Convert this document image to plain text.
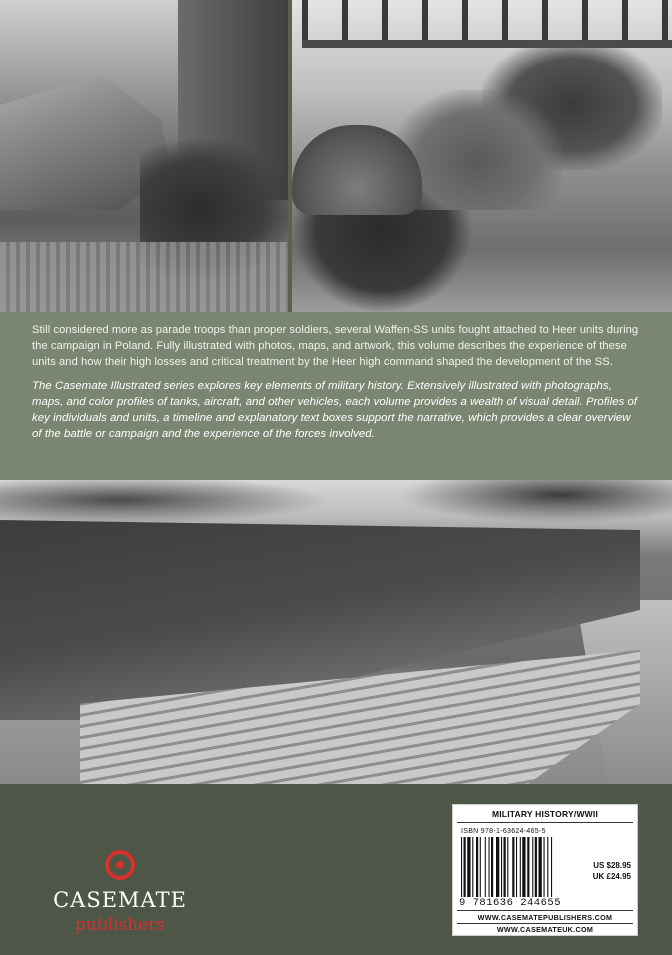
Still considered more as parade troops than proper soldiers, several Waffen-SS units fought attached to Heer units during the campaign in Poland. Fully illustrated with photos, maps, and artwork, this volume describes the experience of these units and how their high losses and critical treatment by the Heer high command shaped the development of the SS.

The Casemate Illustrated series explores key elements of military history. Extensively illustrated with photographs, maps, and color profiles of tanks, aircraft, and other vehicles, each volume provides a wealth of visual detail. Profiles of key individuals and units, a timeline and explanatory text boxes support the narrative, which provides a clear overview of the battle or campaign and the experience of the forces involved.

CASEMATE
publishers
MILITARY HISTORY/WWII
ISBN 978-1-63624-465-5
9 781636 244655
US $28.95
UK £24.95
WWW.CASEMATEPUBLISHERS.COM
WWW.CASEMATEUK.COM
